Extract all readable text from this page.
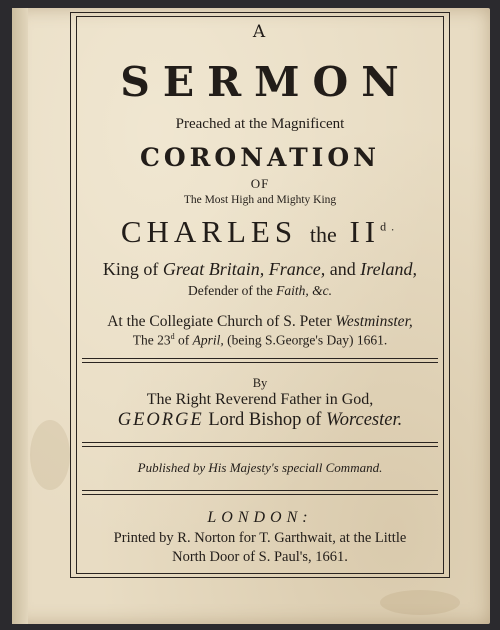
A

SERMON

Preached at the Magnificent

CORONATION

OF

The Most High and Mighty King

CHARLES the $II^{d.}$

King of Great Britain, France, and Ireland,

Defender of the Faith, &c.

At the Collegiate Church of S. Peter Westminster,

The 23$^d$ of April, (being S.George's Day) 1661.

By

The Right Reverend Father in God,

GEORGE Lord Bishop of Worcester.

Published by His Majesty's speciall Command.

LONDON:

Printed by R. Norton for T. Garthwait, at the Little

North Door of S. Paul's, 1661.
